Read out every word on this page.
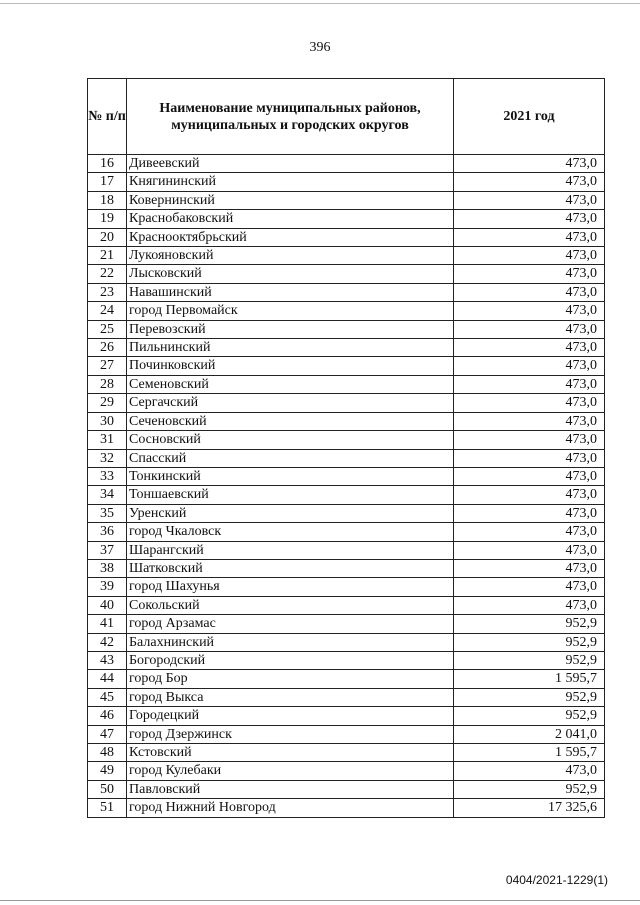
396
№ п/п	Наименование муниципальных районов, муниципальных и городских округов	2021 год
16	Дивеевский	473,0
17	Княгининский	473,0
18	Ковернинский	473,0
19	Краснобаковский	473,0
20	Краснооктябрьский	473,0
21	Лукояновский	473,0
22	Лысковский	473,0
23	Навашинский	473,0
24	город Первомайск	473,0
25	Перевозский	473,0
26	Пильнинский	473,0
27	Починковский	473,0
28	Семеновский	473,0
29	Сергачский	473,0
30	Сеченовский	473,0
31	Сосновский	473,0
32	Спасский	473,0
33	Тонкинский	473,0
34	Тоншаевский	473,0
35	Уренский	473,0
36	город Чкаловск	473,0
37	Шарангский	473,0
38	Шатковский	473,0
39	город Шахунья	473,0
40	Сокольский	473,0
41	город Арзамас	952,9
42	Балахнинский	952,9
43	Богородский	952,9
44	город Бор	1 595,7
45	город Выкса	952,9
46	Городецкий	952,9
47	город Дзержинск	2 041,0
48	Кстовский	1 595,7
49	город Кулебаки	473,0
50	Павловский	952,9
51	город Нижний Новгород	17 325,6
0404/2021-1229(1)
